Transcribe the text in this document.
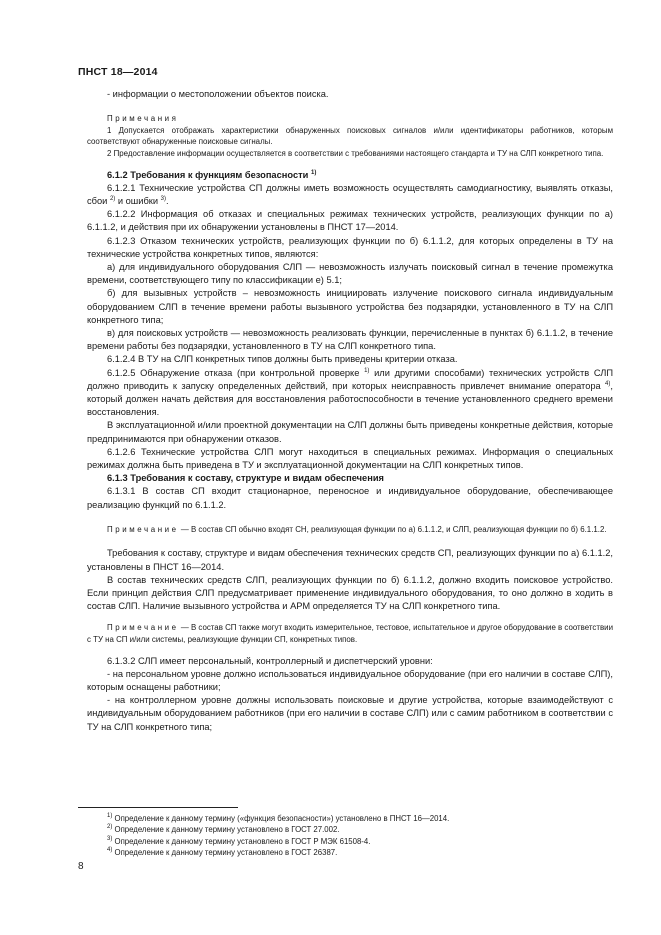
ПНСТ 18—2014

- информации о местоположении объектов поиска.

Примечания

1 Допускается отображать характеристики обнаруженных поисковых сигналов и/или идентификаторы работников, которым соответствуют обнаруженные поисковые сигналы.

2 Предоставление информации осуществляется в соответствии с требованиями настоящего стандарта и ТУ на СЛП конкретного типа.

6.1.2 Требования к функциям безопасности $^{1)}$

6.1.2.1 Технические устройства СП должны иметь возможность осуществлять самодиагностику, выявлять отказы, сбои $^{2)}$ и ошибки $^{3)}$.

6.1.2.2 Информация об отказах и специальных режимах технических устройств, реализующих функции по а) 6.1.1.2, и действия при их обнаружении установлены в ПНСТ 17—2014.

6.1.2.3 Отказом технических устройств, реализующих функции по б) 6.1.1.2, для которых определены в ТУ на технические устройства конкретных типов, являются:

а) для индивидуального оборудования СЛП — невозможность излучать поисковый сигнал в течение промежутка времени, соответствующего типу по классификации е) 5.1;

б) для вызывных устройств – невозможность инициировать излучение поискового сигнала индивидуальным оборудованием СЛП в течение времени работы вызывного устройства без подзарядки, установленного в ТУ на СЛП конкретного типа;

в) для поисковых устройств — невозможность реализовать функции, перечисленные в пунктах б) 6.1.1.2, в течение времени работы без подзарядки, установленного в ТУ на СЛП конкретного типа.

6.1.2.4 В ТУ на СЛП конкретных типов должны быть приведены критерии отказа.

6.1.2.5 Обнаружение отказа (при контрольной проверке $^{1)}$ или другими способами) технических устройств СЛП должно приводить к запуску определенных действий, при которых неисправность привлечет внимание оператора $^{4)}$, который должен начать действия для восстановления работоспособности в течение установленного среднего времени восстановления.

В эксплуатационной и/или проектной документации на СЛП должны быть приведены конкретные действия, которые предпринимаются при обнаружении отказов.

6.1.2.6 Технические устройства СЛП могут находиться в специальных режимах. Информация о специальных режимах должна быть приведена в ТУ и эксплуатационной документации на СЛП конкретных типов.

6.1.3 Требования к составу, структуре и видам обеспечения

6.1.3.1 В состав СП входит стационарное, переносное и индивидуальное оборудование, обеспечивающее реализацию функций по 6.1.1.2.

Примечание — В состав СП обычно входят СН, реализующая функции по а) 6.1.1.2, и СЛП, реализующая функции по б) 6.1.1.2.

Требования к составу, структуре и видам обеспечения технических средств СП, реализующих функции по а) 6.1.1.2, установлены в ПНСТ 16—2014.

В состав технических средств СЛП, реализующих функции по б) 6.1.1.2, должно входить поисковое устройство. Если принцип действия СЛП предусматривает применение индивидуального оборудования, то оно должно в ходить в состав СЛП. Наличие вызывного устройства и АРМ определяется ТУ на СЛП конкретного типа.

Примечание — В состав СП также могут входить измерительное, тестовое, испытательное и другое оборудование в соответствии с ТУ на СП и/или системы, реализующие функции СП, конкретных типов.

6.1.3.2 СЛП имеет персональный, контроллерный и диспетчерский уровни:

- на персональном уровне должно использоваться индивидуальное оборудование (при его наличии в составе СЛП), которым оснащены работники;

- на контроллерном уровне должны использовать поисковые и другие устройства, которые взаимодействуют с индивидуальным оборудованием работников (при его наличии в составе СЛП) или с самим работником в соответствии с ТУ на СЛП конкретного типа;

$^{1)}$ Определение к данному термину («функция безопасности») установлено в ПНСТ 16—2014.
$^{2)}$ Определение к данному термину установлено в ГОСТ 27.002.
$^{3)}$ Определение к данному термину установлено в ГОСТ Р МЭК 61508-4.
$^{4)}$ Определение к данному термину установлено в ГОСТ 26387.
8
